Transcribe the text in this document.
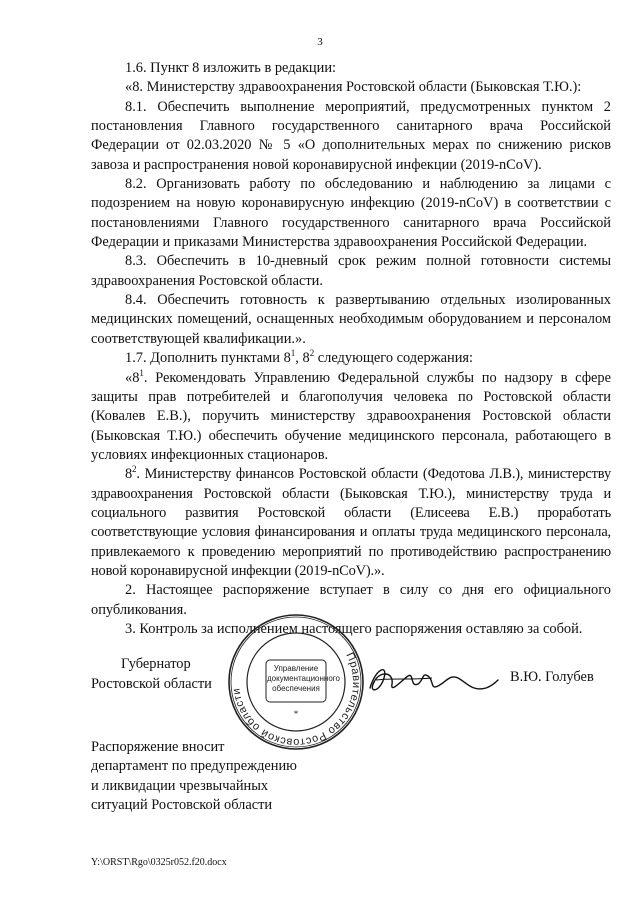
3

1.6. Пункт 8 изложить в редакции:

«8. Министерству здравоохранения Ростовской области (Быковская Т.Ю.):

8.1. Обеспечить выполнение мероприятий, предусмотренных пунктом 2 постановления Главного государственного санитарного врача Российской Федерации от 02.03.2020 № 5 «О дополнительных мерах по снижению рисков завоза и распространения новой коронавирусной инфекции (2019-nCoV).

8.2. Организовать работу по обследованию и наблюдению за лицами с подозрением на новую коронавирусную инфекцию (2019-nCoV) в соответствии с постановлениями Главного государственного санитарного врача Российской Федерации и приказами Министерства здравоохранения Российской Федерации.

8.3. Обеспечить в 10-дневный срок режим полной готовности системы здравоохранения Ростовской области.

8.4. Обеспечить готовность к развертыванию отдельных изолированных медицинских помещений, оснащенных необходимым оборудованием и персоналом соответствующей квалификации.».

1.7. Дополнить пунктами $8^1$, $8^2$ следующего содержания:

«$8^1$. Рекомендовать Управлению Федеральной службы по надзору в сфере защиты прав потребителей и благополучия человека по Ростовской области (Ковалев Е.В.), поручить министерству здравоохранения Ростовской области (Быковская Т.Ю.) обеспечить обучение медицинского персонала, работающего в условиях инфекционных стационаров.

$8^2$. Министерству финансов Ростовской области (Федотова Л.В.), министерству здравоохранения Ростовской области (Быковская Т.Ю.), министерству труда и социального развития Ростовской области (Елисеева Е.В.) проработать соответствующие условия финансирования и оплаты труда медицинского персонала, привлекаемого к проведению мероприятий по противодействию распространению новой коронавирусной инфекции (2019-nCoV).».

2. Настоящее распоряжение вступает в силу со дня его официального опубликования.

3. Контроль за исполнением настоящего распоряжения оставляю за собой.

Губернатор
Ростовской области
Правительство Ростовской области
*
Управление
документационного
обеспечения
В.Ю. Голубев

Распоряжение вносит

департамент по предупреждению

и ликвидации чрезвычайных

ситуаций Ростовской области

Y:\ORST\Rgo\0325r052.f20.docx
